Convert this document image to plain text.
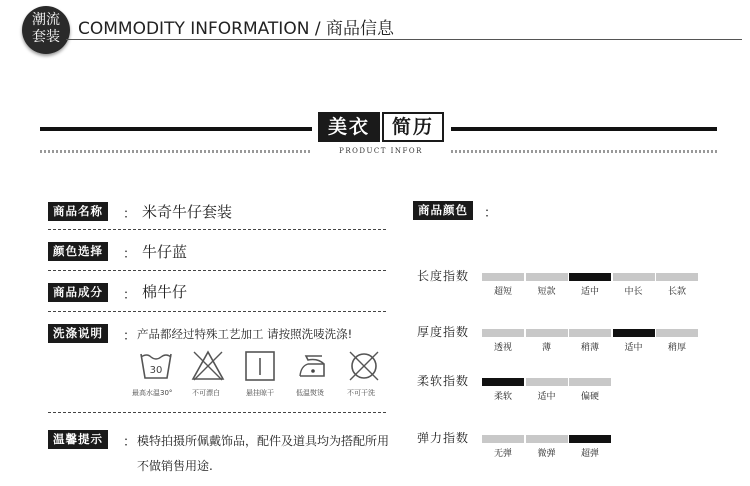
潮流
套装	COMMODITY INFORMATION / 商品信息
美衣	简历
PRODUCT INFOR
商品名称	： 米奇牛仔套装
颜色选择	： 牛仔蓝
商品成分	： 棉牛仔
洗涤说明	： 产品都经过特殊工艺加工 请按照洗唛洗涤!
30
最高水温30°	不可漂白	悬挂晾干	低温熨烫	不可干洗
温馨提示	： 模特拍摄所佩戴饰品，配件及道具均为搭配所用
不做销售用途.
商品颜色	：
长度指数
超短	短款	适中	中长	长款
厚度指数
透视	薄	稍薄	适中	稍厚
柔软指数
柔软	适中	偏硬
弹力指数
无弹	微弹	超弹
